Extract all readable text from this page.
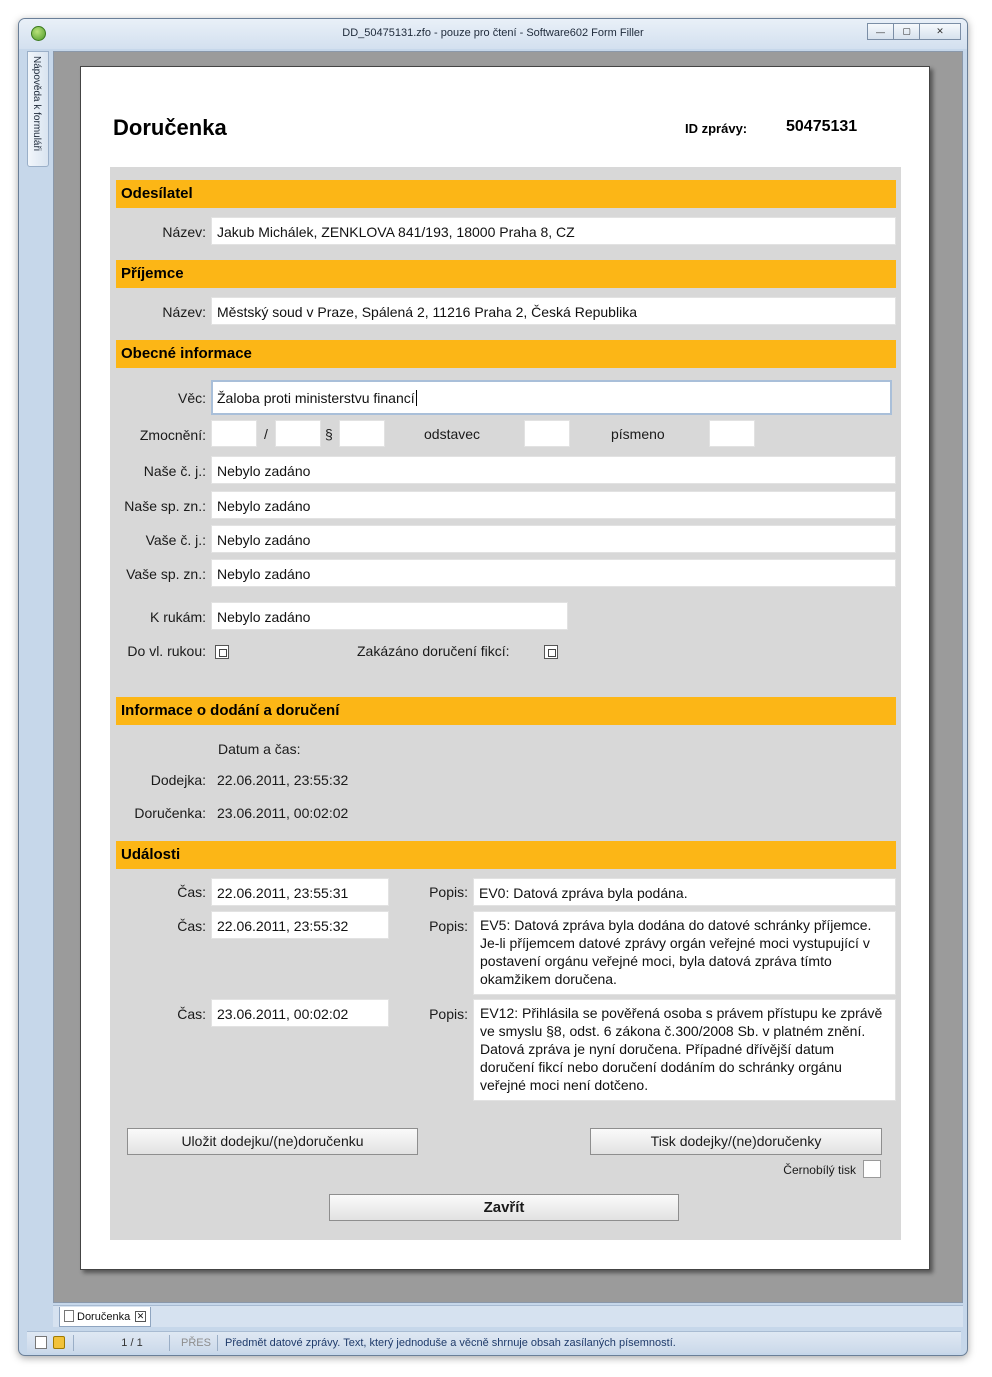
DD_50475131.zfo - pouze pro čtení - Software602 Form Filler	—	▢	✕
Nápověda k formuláři	Doručenka	ID zprávy: 50475131
Odesílatel
Název: Jakub Michálek, ZENKLOVA 841/193, 18000 Praha 8, CZ
Příjemce
Název: Městský soud v Praze, Spálená 2, 11216 Praha 2, Česká Republika
Obecné informace
Věc: Žaloba proti ministerstvu financí
Zmocnění:	/	§	odstavec	písmeno
Naše č. j.: Nebylo zadáno
Naše sp. zn.: Nebylo zadáno
Vaše č. j.: Nebylo zadáno
Vaše sp. zn.: Nebylo zadáno
K rukám: Nebylo zadáno
Do vl. rukou:	Zakázáno doručení fikcí:
Informace o dodání a doručení
Datum a čas:
Dodejka: 22.06.2011, 23:55:32
Doručenka: 23.06.2011, 00:02:02
Události
Čas: 22.06.2011, 23:55:31	Popis: EV0: Datová zpráva byla podána.
Čas: 22.06.2011, 23:55:32	Popis: EV5: Datová zpráva byla dodána do datové schránky příjemce. Je-li příjemcem datové zprávy orgán veřejné moci vystupující v postavení orgánu veřejné moci, byla datová zpráva tímto okamžikem doručena.
Čas: 23.06.2011, 00:02:02	Popis: EV12: Přihlásila se pověřená osoba s právem přístupu ke zprávě ve smyslu §8, odst. 6 zákona č.300/2008 Sb. v platném znění. Datová zpráva je nyní doručena. Případné dřívější datum doručení fikcí nebo doručení dodáním do schránky orgánu veřejné moci není dotčeno.
Uložit dodejku/(ne)doručenku	Tisk dodejky/(ne)doručenky
Černobílý tisk
Zavřít
Doručenka ✕
1 / 1	PŘES Předmět datové zprávy. Text, který jednoduše a věcně shrnuje obsah zasílaných písemností.
